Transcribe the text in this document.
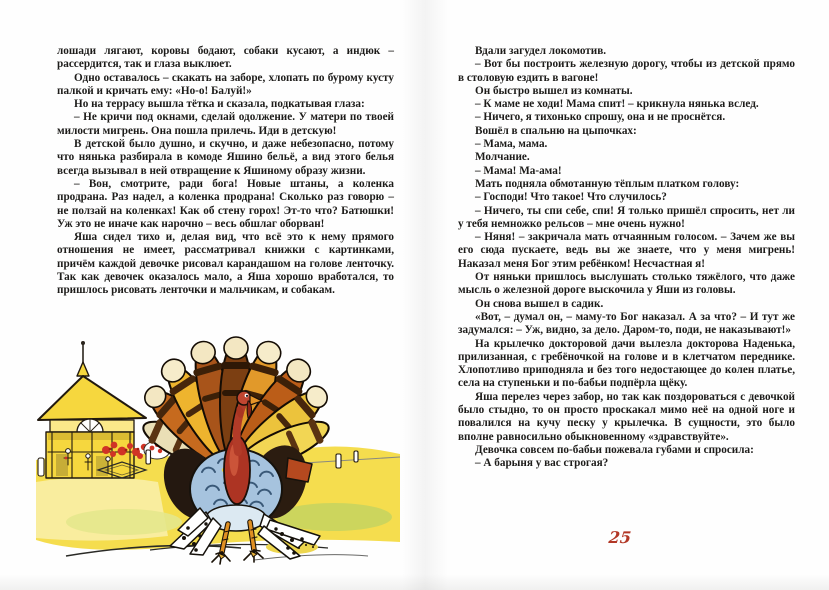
лошади лягают, коровы бодают, собаки кусают, а индюк – рассердится, так и глаза выклюет.

Одно оставалось – скакать на заборе, хлопать по бурому кусту палкой и кричать ему: «Но-о! Балуй!»

Но на террасу вышла тётка и сказала, подкатывая глаза:

– Не кричи под окнами, сделай одолжение. У матери по твоей милости мигрень. Она пошла прилечь. Иди в детскую!

В детской было душно, и скучно, и даже небезопасно, потому что нянька разбирала в комоде Яшино бельё, а вид этого белья всегда вызывал в ней отвращение к Яшиному образу жизни.

– Вон, смотрите, ради бога! Новые штаны, а коленка продрана. Раз надел, а коленка продрана! Сколько раз говорю – не ползай на коленках! Как об стену горох! Эт-то что? Батюшки! Уж это не иначе как нарочно – весь обшлаг оборван!

Яша сидел тихо и, делая вид, что всё это к нему прямого отношения не имеет, рассматривал книжки с картинками, причём каждой девочке рисовал карандашом на голове ленточку. Так как девочек оказалось мало, а Яша хорошо вработался, то пришлось рисовать ленточки и мальчикам, и собакам.

Вдали загудел локомотив.

– Вот бы построить железную дорогу, чтобы из детской прямо в столовую ездить в вагоне!

Он быстро вышел из комнаты.

– К маме не ходи! Мама спит! – крикнула нянька вслед.

– Ничего, я тихонько спрошу, она и не проснётся.

Вошёл в спальню на цыпочках:

– Мама, мама.

Молчание.

– Мама! Ма-ама!

Мать подняла обмотанную тёплым платком голову:

– Господи! Что такое! Что случилось?

– Ничего, ты спи себе, спи! Я только пришёл спросить, нет ли у тебя немножко рельсов – мне очень нужно!

– Няня! – закричала мать отчаянным голосом. – Зачем же вы его сюда пускаете, ведь вы же знаете, что у меня мигрень! Наказал меня Бог этим ребёнком! Несчастная я!

От няньки пришлось выслушать столько тяжёлого, что даже мысль о железной дороге выскочила у Яши из головы.

Он снова вышел в садик.

«Вот, – думал он, – маму-то Бог наказал. А за что? – И тут же задумался: – Уж, видно, за дело. Даром-то, поди, не наказывают!»

На крылечко докторовой дачи вылезла докторова Наденька, прилизанная, с гребёночкой на голове и в клетчатом переднике. Хлопотливо приподняла и без того недостающее до колен платье, села на ступеньки и по-бабьи подпёрла щёку.

Яша перелез через забор, но так как поздороваться с девочкой было стыдно, то он просто проскакал мимо неё на одной ноге и повалился на кучу песку у крылечка. В сущности, это было вполне равносильно обыкновенному «здравствуйте».

Девочка совсем по-бабьи пожевала губами и спросила:

– А барыня у вас строгая?

25
